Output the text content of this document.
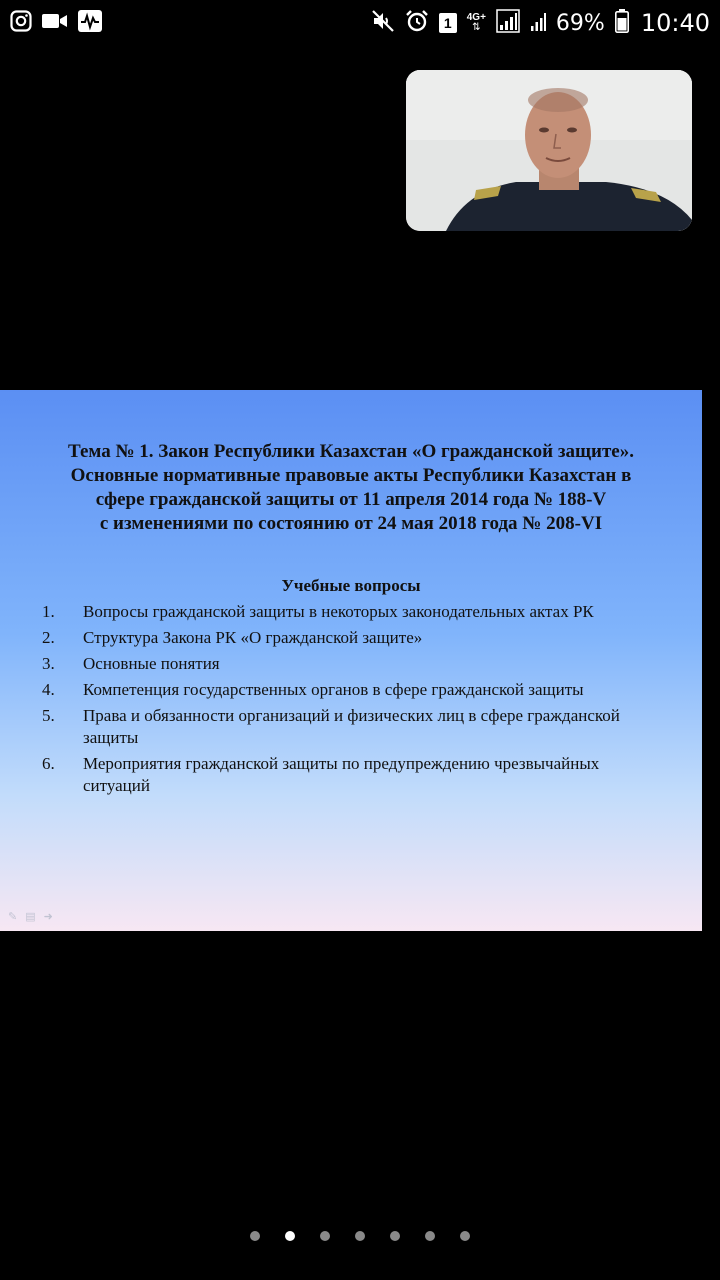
1	4G+
⇅	69% 10:40
Тема № 1. Закон Республики Казахстан «О гражданской защите».
Основные нормативные правовые акты Республики Казахстан в
сфере гражданской защиты от 11 апреля 2014 года № 188-V
с изменениями по состоянию от 24 мая 2018 года № 208-VI
Учебные вопросы
1.	Вопросы гражданской защиты в некоторых законодательных актах РК
2.	Структура Закона РК «О гражданской защите»
3.	Основные понятия
4.	Компетенция государственных органов в сфере гражданской защиты
5.	Права и обязанности организаций и физических лиц в сфере гражданской защиты
6.	Мероприятия гражданской защиты по предупреждению чрезвычайных ситуаций
✎ ▤ ➜
